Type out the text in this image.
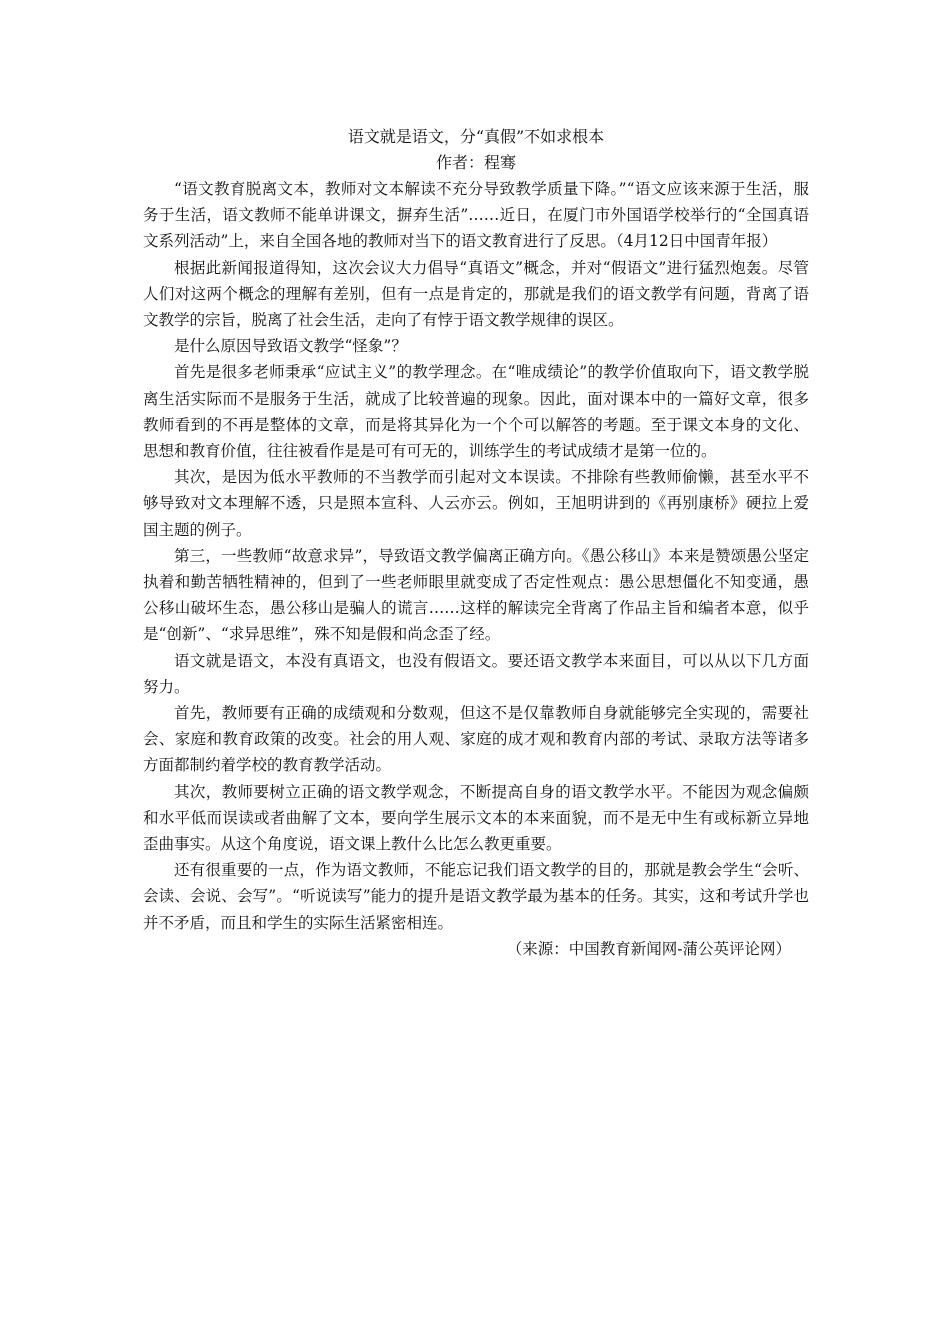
语文就是语文，分“真假”不如求根本
作者：程骞

“语文教育脱离文本，教师对文本解读不充分导致教学质量下降。”“语文应该来源于生活，服务于生活，语文教师不能单讲课文，摒弃生活”……近日，在厦门市外国语学校举行的“全国真语文系列活动”上，来自全国各地的教师对当下的语文教育进行了反思。（4月12日中国青年报）

根据此新闻报道得知，这次会议大力倡导“真语文”概念，并对“假语文”进行猛烈炮轰。尽管人们对这两个概念的理解有差别，但有一点是肯定的，那就是我们的语文教学有问题，背离了语文教学的宗旨，脱离了社会生活，走向了有悖于语文教学规律的误区。

是什么原因导致语文教学“怪象”？

首先是很多老师秉承“应试主义”的教学理念。在“唯成绩论”的教学价值取向下，语文教学脱离生活实际而不是服务于生活，就成了比较普遍的现象。因此，面对课本中的一篇好文章，很多教师看到的不再是整体的文章，而是将其异化为一个个可以解答的考题。至于课文本身的文化、思想和教育价值，往往被看作是是可有可无的，训练学生的考试成绩才是第一位的。

其次，是因为低水平教师的不当教学而引起对文本误读。不排除有些教师偷懒，甚至水平不够导致对文本理解不透，只是照本宣科、人云亦云。例如，王旭明讲到的《再别康桥》硬拉上爱国主题的例子。

第三，一些教师“故意求异”，导致语文教学偏离正确方向。《愚公移山》本来是赞颂愚公坚定执着和勤苦牺牲精神的，但到了一些老师眼里就变成了否定性观点：愚公思想僵化不知变通，愚公移山破坏生态，愚公移山是骗人的谎言……这样的解读完全背离了作品主旨和编者本意，似乎是“创新”、“求异思维”，殊不知是假和尚念歪了经。

语文就是语文，本没有真语文，也没有假语文。要还语文教学本来面目，可以从以下几方面努力。

首先，教师要有正确的成绩观和分数观，但这不是仅靠教师自身就能够完全实现的，需要社会、家庭和教育政策的改变。社会的用人观、家庭的成才观和教育内部的考试、录取方法等诸多方面都制约着学校的教育教学活动。

其次，教师要树立正确的语文教学观念，不断提高自身的语文教学水平。不能因为观念偏颇和水平低而误读或者曲解了文本，要向学生展示文本的本来面貌，而不是无中生有或标新立异地歪曲事实。从这个角度说，语文课上教什么比怎么教更重要。

还有很重要的一点，作为语文教师，不能忘记我们语文教学的目的，那就是教会学生“会听、会读、会说、会写”。“听说读写”能力的提升是语文教学最为基本的任务。其实，这和考试升学也并不矛盾，而且和学生的实际生活紧密相连。

（来源：中国教育新闻网-蒲公英评论网）
